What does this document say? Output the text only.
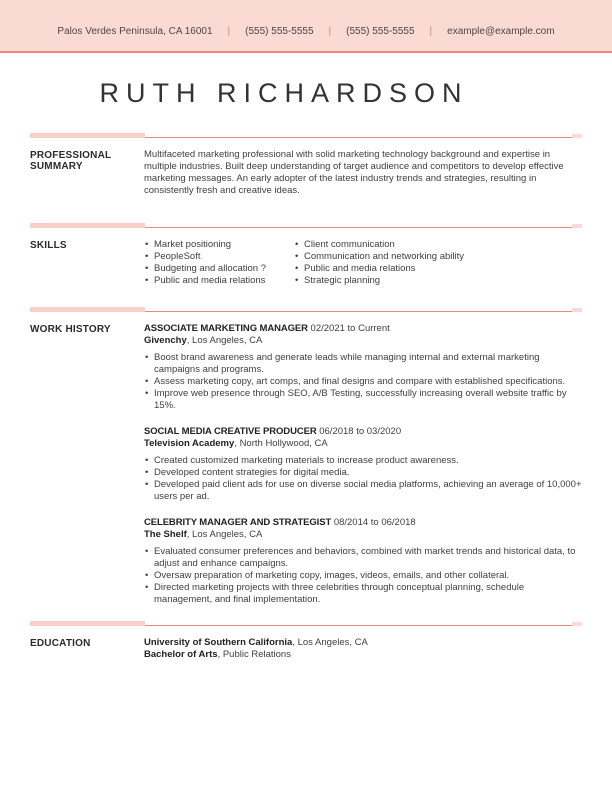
Palos Verdes Peninsula, CA 16001 | (555) 555-5555 | (555) 555-5555 | example@example.com
RUTH RICHARDSON
PROFESSIONAL
SUMMARY
Multifaceted marketing professional with solid marketing technology background and expertise in multiple industries. Built deep understanding of target audience and competitors to develop effective marketing messages. An early adopter of the latest industry trends and strategies, resulting in consistently fresh and creative ideas.
SKILLS	• Market positioning
• PeopleSoft
• Budgeting and allocation ?
• Public and media relations
• Client communication
• Communication and networking ability
• Public and media relations
• Strategic planning
WORK HISTORY	ASSOCIATE MARKETING MANAGER 02/2021 to Current
Givenchy, Los Angeles, CA
• Boost brand awareness and generate leads while managing internal and external marketing campaigns and programs.
• Assess marketing copy, art comps, and final designs and compare with established specifications.
• Improve web presence through SEO, A/B Testing, successfully increasing overall website traffic by 15%.
SOCIAL MEDIA CREATIVE PRODUCER 06/2018 to 03/2020
Television Academy, North Hollywood, CA
• Created customized marketing materials to increase product awareness.
• Developed content strategies for digital media.
• Developed paid client ads for use on diverse social media platforms, achieving an average of 10,000+ users per ad.
CELEBRITY MANAGER AND STRATEGIST 08/2014 to 06/2018
The Shelf, Los Angeles, CA
• Evaluated consumer preferences and behaviors, combined with market trends and historical data, to adjust and enhance campaigns.
• Oversaw preparation of marketing copy, images, videos, emails, and other collateral.
• Directed marketing projects with three celebrities through conceptual planning, schedule management, and final implementation.
EDUCATION	University of Southern California, Los Angeles, CA
Bachelor of Arts, Public Relations
